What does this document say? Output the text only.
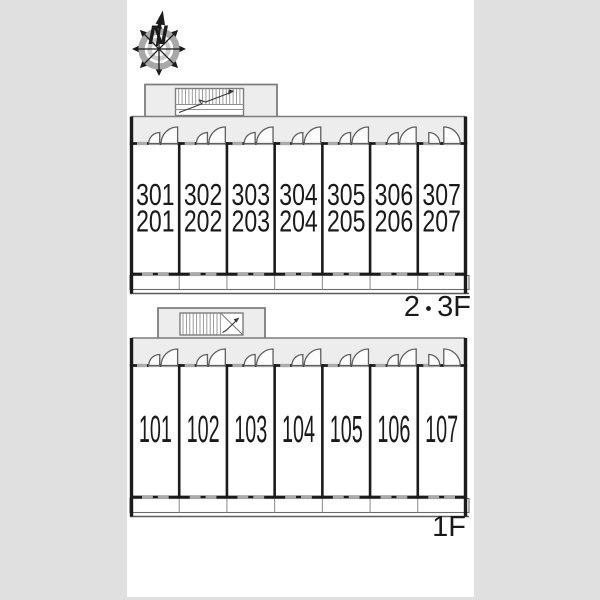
N
301
201
302
202
303
203
304
204
305
205
306
206
307
207
3F
2
101 102 103 104 105 106 107
1F
